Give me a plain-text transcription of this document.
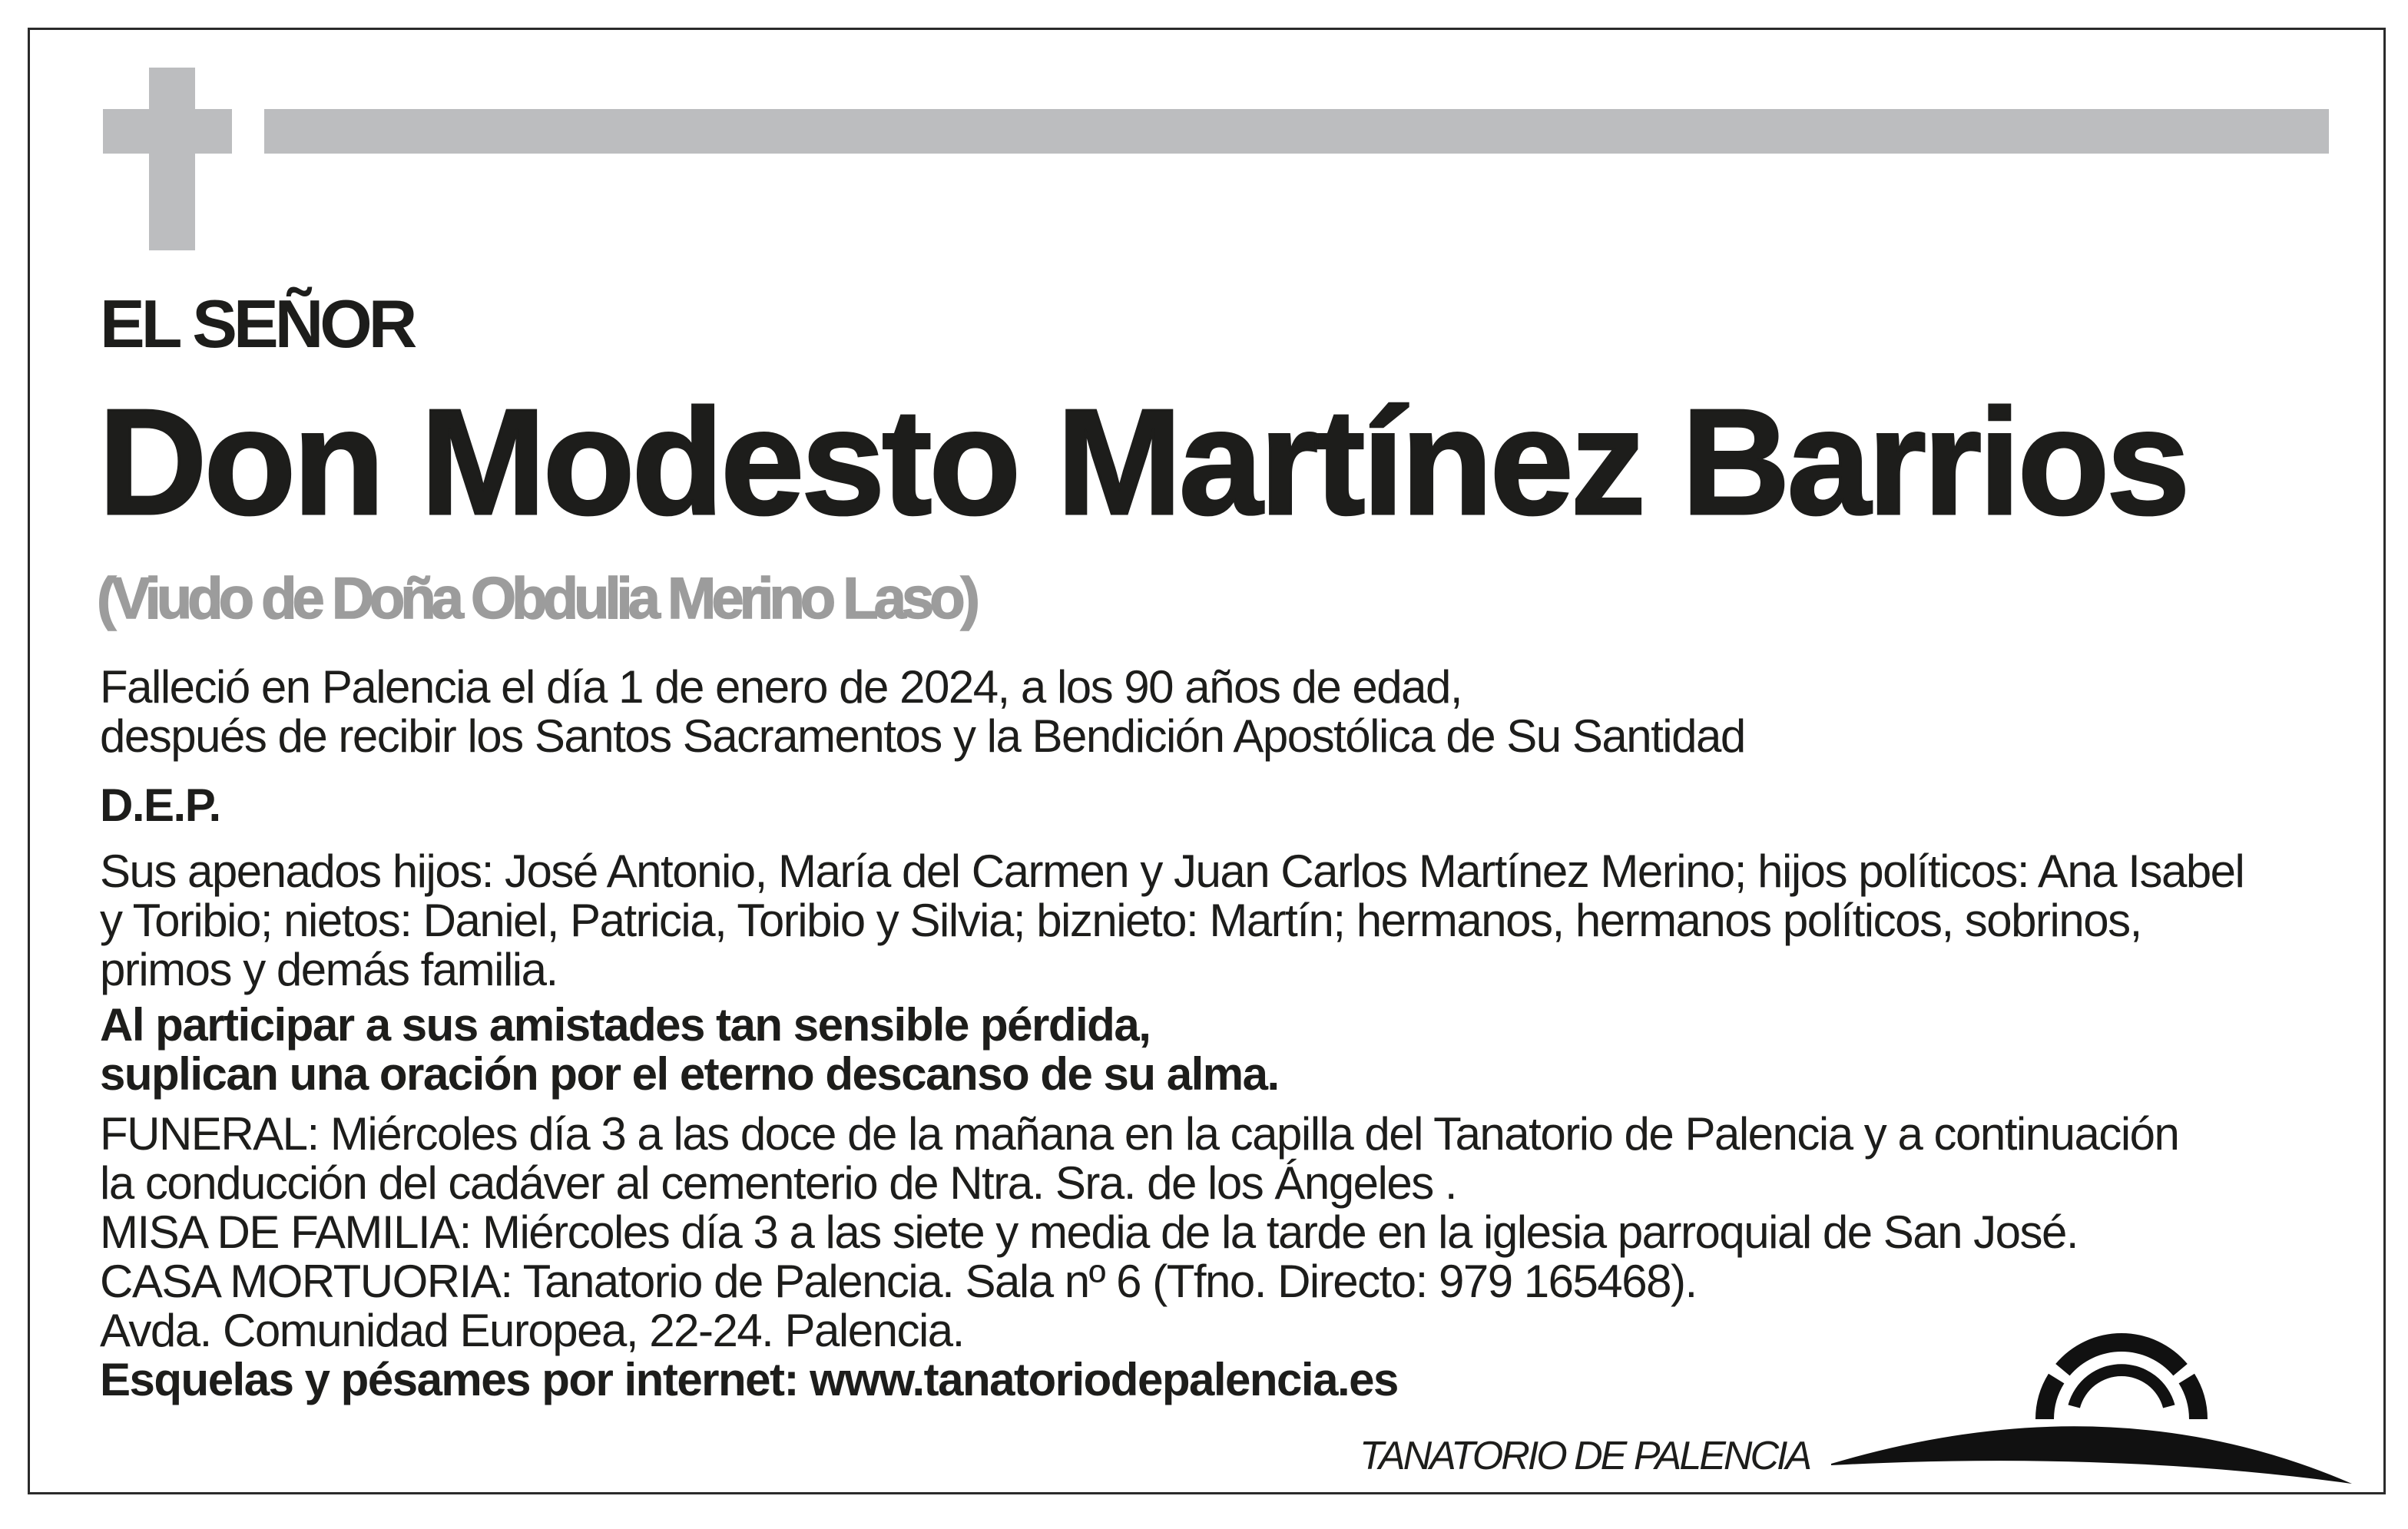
EL SEÑOR
Don Modesto Martínez Barrios
(Viudo de Doña Obdulia Merino Laso)
Falleció en Palencia el día 1 de enero de 2024, a los 90 años de edad,
después de recibir los Santos Sacramentos y la Bendición Apostólica de Su Santidad
D.E.P.
Sus apenados hijos: José Antonio, María del Carmen y Juan Carlos Martínez Merino; hijos políticos: Ana Isabel
y Toribio; nietos: Daniel, Patricia, Toribio y Silvia; biznieto: Martín; hermanos, hermanos políticos, sobrinos,
primos y demás familia.
Al participar a sus amistades tan sensible pérdida,
suplican una oración por el eterno descanso de su alma.
FUNERAL: Miércoles día 3 a las doce de la mañana en la capilla del Tanatorio de Palencia y a continuación
la conducción del cadáver al cementerio de Ntra. Sra. de los Ángeles .
MISA DE FAMILIA: Miércoles día 3 a las siete y media de la tarde en la iglesia parroquial de San José.
CASA MORTUORIA: Tanatorio de Palencia. Sala nº 6 (Tfno. Directo: 979 165468).
Avda. Comunidad Europea, 22-24. Palencia.
Esquelas y pésames por internet: www.tanatoriodepalencia.es
TANATORIO DE PALENCIA
